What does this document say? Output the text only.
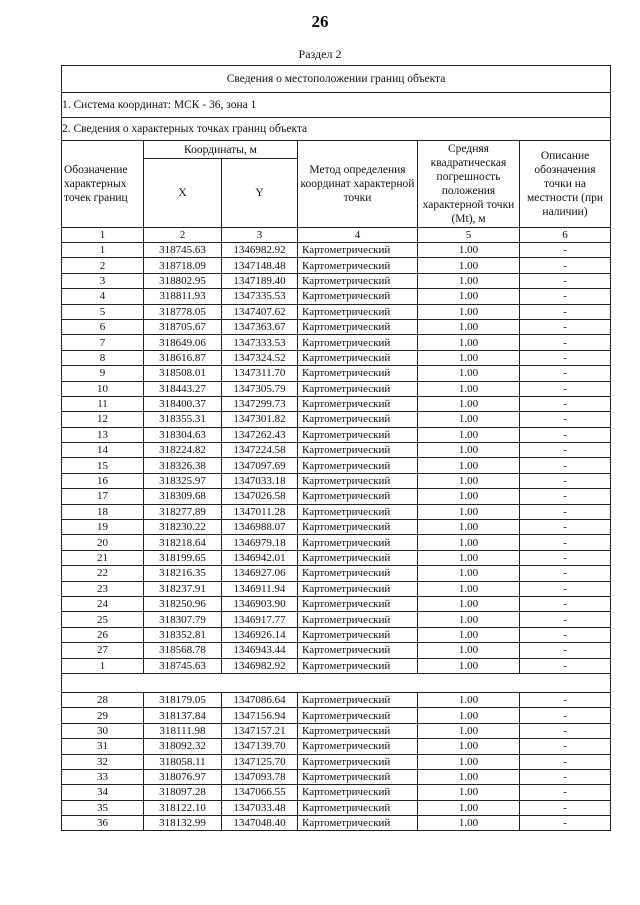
26
Раздел 2
Сведения о местоположении границ объекта					
1. Система координат: МСК - 36, зона 1					
2. Сведения о характерных точках границ объекта					
Обозначение характерных точек границ	Координаты, м		Метод определения координат характерной точки	Средняя квадратическая погрешность положения характерной точки (Mt), м	Описание обозначения точки на местности (при наличии)
	X	Y			
1	2	3	4	5	6
1	318745.63	1346982.92	Картометрический	1.00	-
2	318718.09	1347148.48	Картометрический	1.00	-
3	318802.95	1347189.40	Картометрический	1.00	-
4	318811.93	1347335.53	Картометрический	1.00	-
5	318778.05	1347407.62	Картометрический	1.00	-
6	318705.67	1347363.67	Картометрический	1.00	-
7	318649.06	1347333.53	Картометрический	1.00	-
8	318616.87	1347324.52	Картометрический	1.00	-
9	318508.01	1347311.70	Картометрический	1.00	-
10	318443.27	1347305.79	Картометрический	1.00	-
11	318400.37	1347299.73	Картометрический	1.00	-
12	318355.31	1347301.82	Картометрический	1.00	-
13	318304.63	1347262.43	Картометрический	1.00	-
14	318224.82	1347224.58	Картометрический	1.00	-
15	318326.38	1347097.69	Картометрический	1.00	-
16	318325.97	1347033.18	Картометрический	1.00	-
17	318309.68	1347026.58	Картометрический	1.00	-
18	318277.89	1347011.28	Картометрический	1.00	-
19	318230.22	1346988.07	Картометрический	1.00	-
20	318218.64	1346979.18	Картометрический	1.00	-
21	318199.65	1346942.01	Картометрический	1.00	-
22	318216.35	1346927.06	Картометрический	1.00	-
23	318237.91	1346911.94	Картометрический	1.00	-
24	318250.96	1346903.90	Картометрический	1.00	-
25	318307.79	1346917.77	Картометрический	1.00	-
26	318352.81	1346926.14	Картометрический	1.00	-
27	318568.78	1346943.44	Картометрический	1.00	-
1	318745.63	1346982.92	Картометрический	1.00	-

28	318179.05	1347086.64	Картометрический	1.00	-
29	318137.84	1347156.94	Картометрический	1.00	-
30	318111.98	1347157.21	Картометрический	1.00	-
31	318092.32	1347139.70	Картометрический	1.00	-
32	318058.11	1347125.70	Картометрический	1.00	-
33	318076.97	1347093.78	Картометрический	1.00	-
34	318097.28	1347066.55	Картометрический	1.00	-
35	318122.10	1347033.48	Картометрический	1.00	-
36	318132.99	1347048.40	Картометрический	1.00	-
